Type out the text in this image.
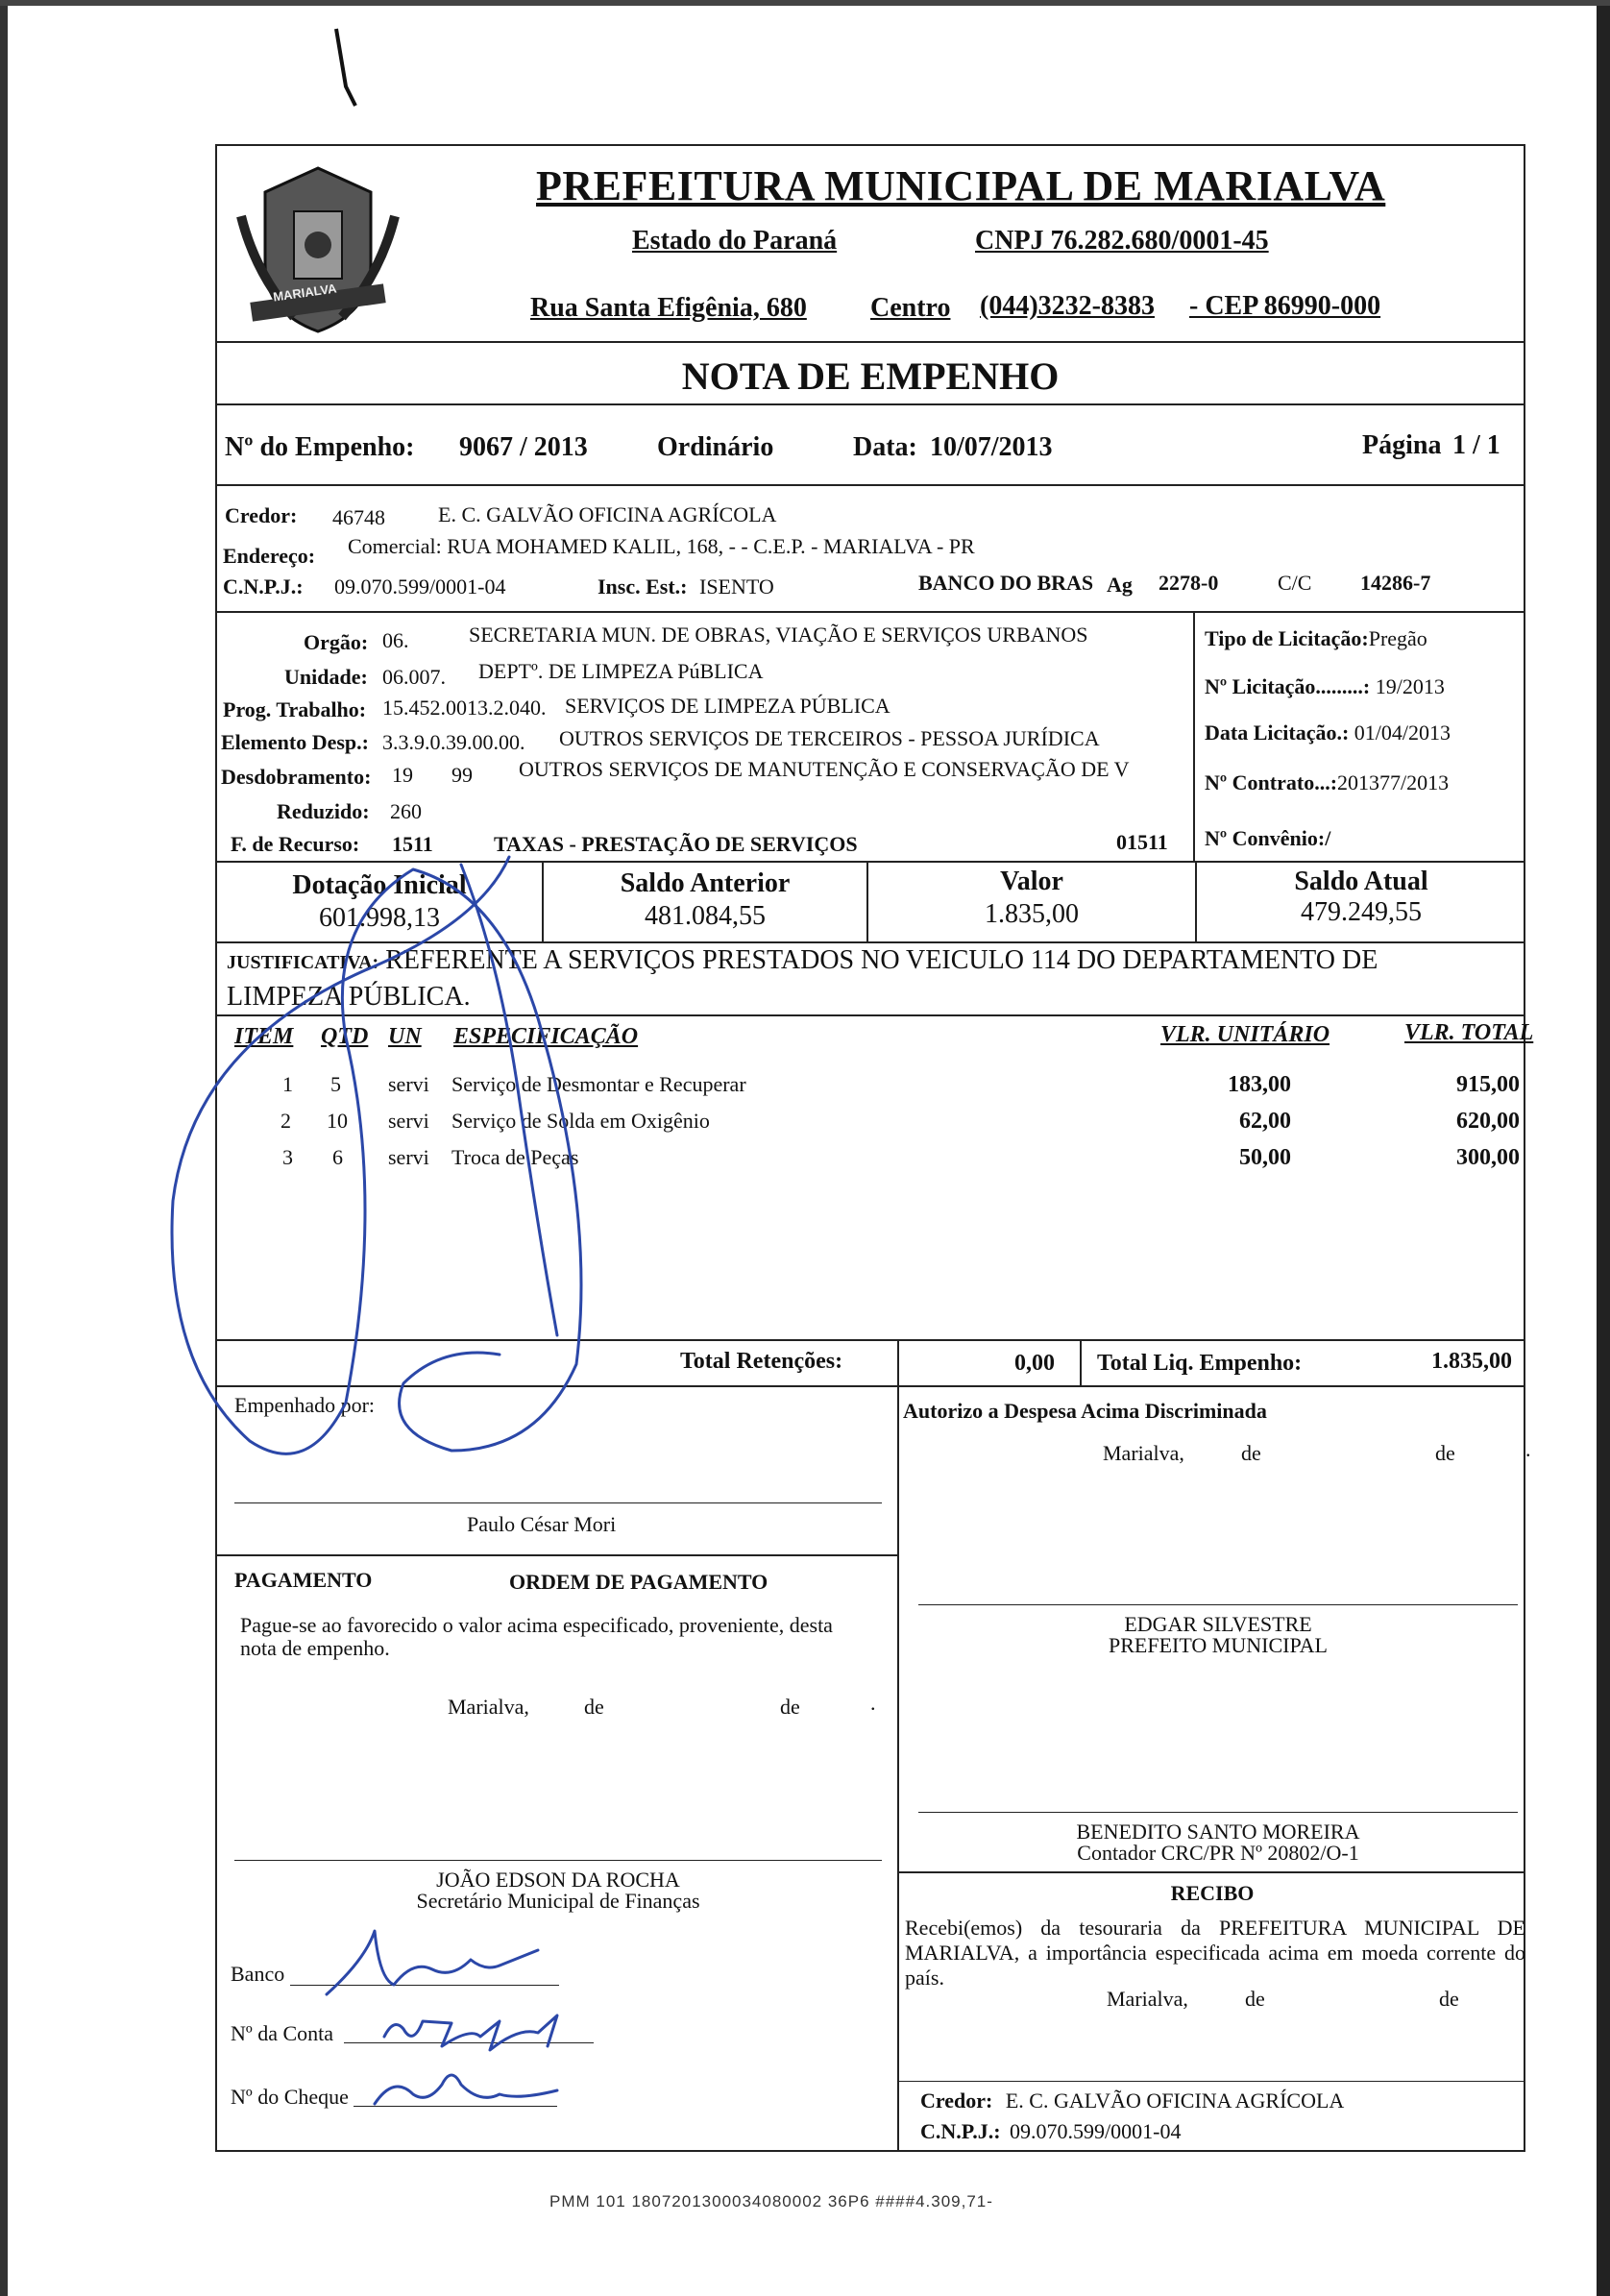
MARIALVA
PREFEITURA MUNICIPAL DE MARIALVA
Estado do Paraná	CNPJ 76.282.680/0001-45
Rua Santa Efigênia, 680 Centro (044)3232-8383 - CEP 86990-000
NOTA DE EMPENHO
Nº do Empenho: 9067 / 2013	Ordinário	Data: 10/07/2013	Página 1 / 1
Credor: 46748	E. C. GALVÃO OFICINA AGRÍCOLA
Endereço: Comercial: RUA MOHAMED KALIL, 168, - - C.E.P. - MARIALVA - PR
C.N.P.J.: 09.070.599/0001-04	Insc. Est.: ISENTO	BANCO DO BRAS Ag 2278-0	C/C 14286-7
Orgão: 06.	SECRETARIA MUN. DE OBRAS, VIAÇÃO E SERVIÇOS URBANOS
Unidade: 06.007. DEPTº. DE LIMPEZA PúBLICA
Prog. Trabalho: 15.452.0013.2.040. SERVIÇOS DE LIMPEZA PÚBLICA
Elemento Desp.: 3.3.9.0.39.00.00. OUTROS SERVIÇOS DE TERCEIROS - PESSOA JURÍDICA
Desdobramento: 19 99 OUTROS SERVIÇOS DE MANUTENÇÃO E CONSERVAÇÃO DE V
Reduzido: 260
F. de Recurso: 1511	TAXAS - PRESTAÇÃO DE SERVIÇOS	01511
Tipo de Licitação:Pregão
Nº Licitação.........: 19/2013
Data Licitação.: 01/04/2013
Nº Contrato...:201377/2013
Nº Convênio:/
Dotação Inicial
601.998,13
Saldo Anterior
481.084,55
Valor
1.835,00
Saldo Atual
479.249,55
JUSTIFICATIVA: REFERENTE A SERVIÇOS PRESTADOS NO VEICULO 114 DO DEPARTAMENTO DE
LIMPEZA PÚBLICA.
ITEM QTD UN ESPECIFICAÇÃO	VLR. UNITÁRIO	VLR. TOTAL
1 5 servi Serviço de Desmontar e Recuperar	183,00	915,00
2 10 servi Serviço de Solda em Oxigênio	62,00	620,00
3 6 servi Troca de Peças	50,00	300,00
Total Retenções:	0,00 Total Liq. Empenho:	1.835,00
Empenhado por:
Paulo César Mori
Autorizo a Despesa Acima Discriminada
Marialva,	de	de	.
PAGAMENTO	ORDEM DE PAGAMENTO
Pague-se ao favorecido o valor acima especificado, proveniente, desta nota de empenho.
Marialva,	de	de	.
EDGAR SILVESTRE
PREFEITO MUNICIPAL
BENEDITO SANTO MOREIRA
Contador CRC/PR Nº 20802/O-1
JOÃO EDSON DA ROCHA
Secretário Municipal de Finanças	RECIBO
Recebi(emos) da tesouraria da PREFEITURA MUNICIPAL DE MARIALVA, a importância especificada acima em moeda corrente do país.
Marialva,	de	de
Banco
Nº da Conta
Nº do Cheque	Credor: E. C. GALVÃO OFICINA AGRÍCOLA
C.N.P.J.: 09.070.599/0001-04
PMM 101 1807201300034080002 36P6 ####4.309,71-
